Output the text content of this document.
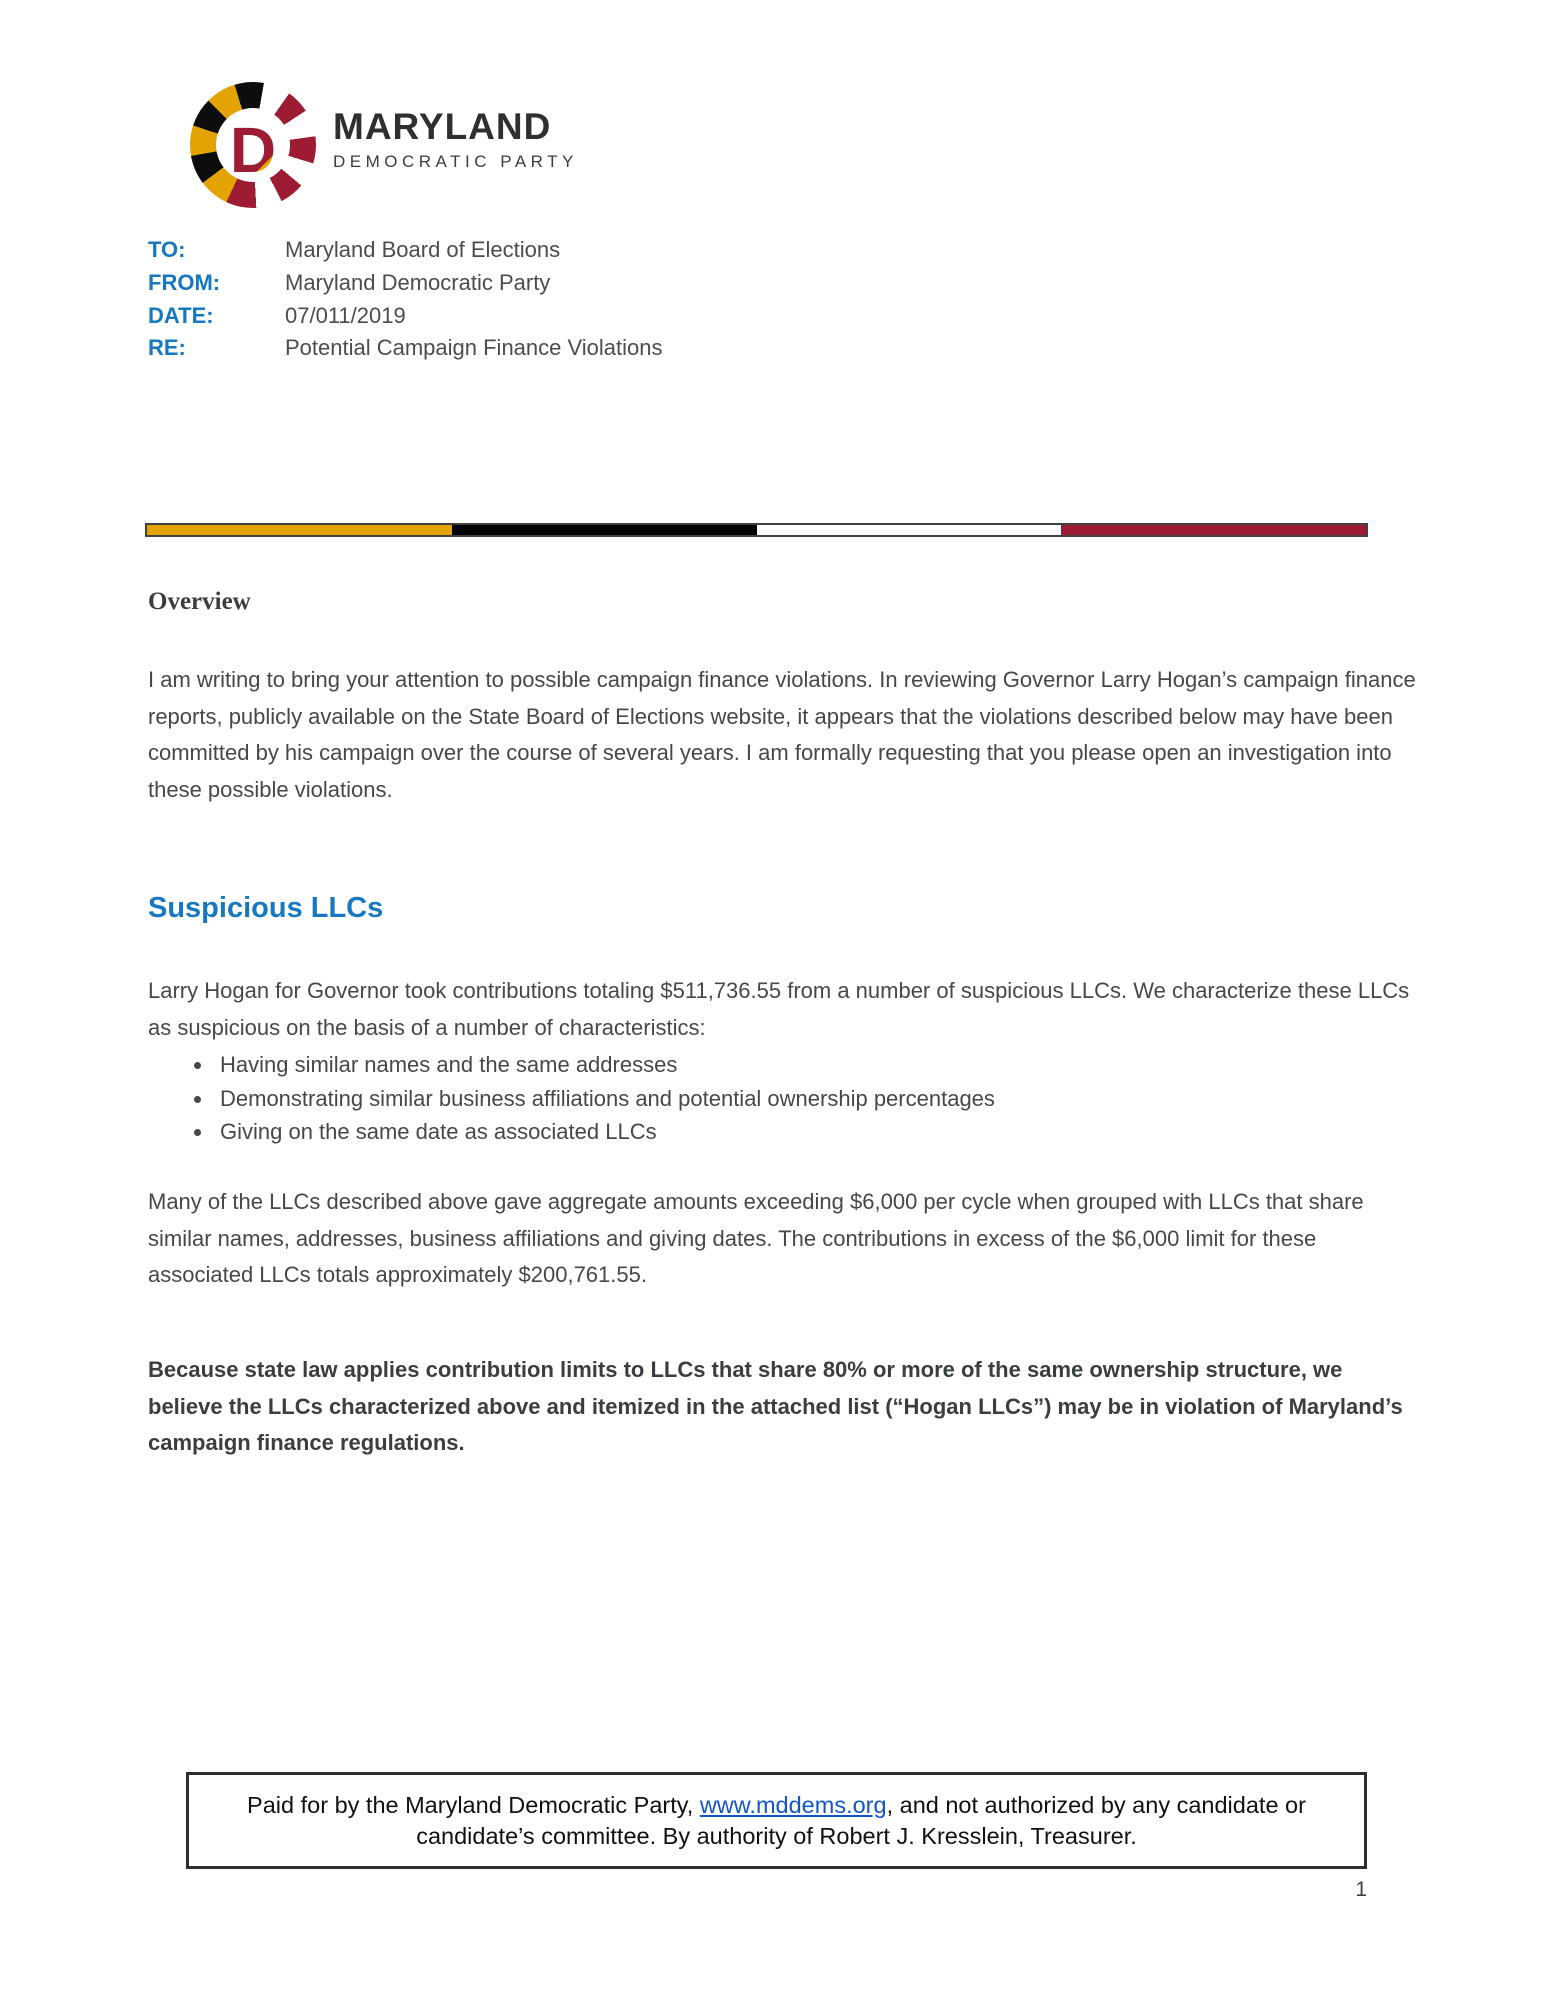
D	MARYLAND
DEMOCRATIC PARTY
TO:	Maryland Board of Elections
FROM:	Maryland Democratic Party
DATE:	07/011/2019
RE:	Potential Campaign Finance Violations
Overview

I am writing to bring your attention to possible campaign finance violations. In reviewing Governor Larry Hogan’s campaign finance reports, publicly available on the State Board of Elections website, it appears that the violations described below may have been committed by his campaign over the course of several years. I am formally requesting that you please open an investigation into these possible violations.

Suspicious LLCs

Larry Hogan for Governor took contributions totaling $511,736.55 from a number of suspicious LLCs. We characterize these LLCs as suspicious on the basis of a number of characteristics:

• Having similar names and the same addresses
• Demonstrating similar business affiliations and potential ownership percentages
• Giving on the same date as associated LLCs

Many of the LLCs described above gave aggregate amounts exceeding $6,000 per cycle when grouped with LLCs that share similar names, addresses, business affiliations and giving dates. The contributions in excess of the $6,000 limit for these associated LLCs totals approximately $200,761.55.

Because state law applies contribution limits to LLCs that share 80% or more of the same ownership structure, we believe the LLCs characterized above and itemized in the attached list (“Hogan LLCs”) may be in violation of Maryland’s campaign finance regulations.

Paid for by the Maryland Democratic Party, www.mddems.org, and not authorized by any candidate or candidate’s committee. By authority of Robert J. Kresslein, Treasurer.

1
